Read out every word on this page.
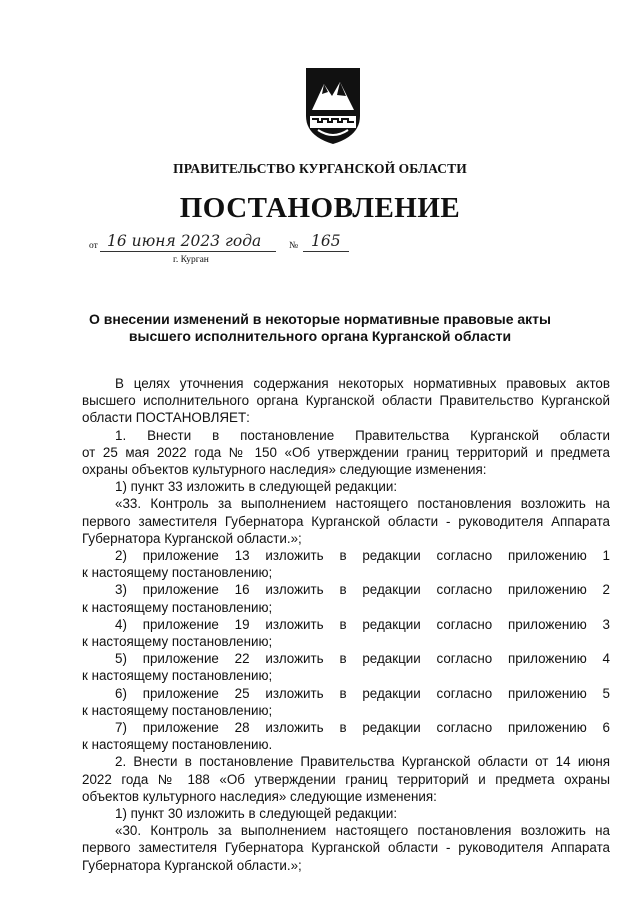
ПРАВИТЕЛЬСТВО КУРГАНСКОЙ ОБЛАСТИ
ПОСТАНОВЛЕНИЕ
от 16 июня 2023 года	№ 165
г. Курган
О внесении изменений в некоторые нормативные правовые акты
высшего исполнительного органа Курганской области
В целях уточнения содержания некоторых нормативных правовых актов
высшего исполнительного органа Курганской области Правительство Курганской
области ПОСТАНОВЛЯЕТ:
1. Внести в постановление Правительства Курганской области
от 25 мая 2022 года № 150 «Об утверждении границ территорий и предмета
охраны объектов культурного наследия» следующие изменения:
1) пункт 33 изложить в следующей редакции:
«33. Контроль за выполнением настоящего постановления возложить на
первого заместителя Губернатора Курганской области - руководителя Аппарата
Губернатора Курганской области.»;
2) приложение 13 изложить в редакции согласно приложению 1
к настоящему постановлению;
3) приложение 16 изложить в редакции согласно приложению 2
к настоящему постановлению;
4) приложение 19 изложить в редакции согласно приложению 3
к настоящему постановлению;
5) приложение 22 изложить в редакции согласно приложению 4
к настоящему постановлению;
6) приложение 25 изложить в редакции согласно приложению 5
к настоящему постановлению;
7) приложение 28 изложить в редакции согласно приложению 6
к настоящему постановлению.
2. Внести в постановление Правительства Курганской области от 14 июня
2022 года № 188 «Об утверждении границ территорий и предмета охраны
объектов культурного наследия» следующие изменения:
1) пункт 30 изложить в следующей редакции:
«30. Контроль за выполнением настоящего постановления возложить на
первого заместителя Губернатора Курганской области - руководителя Аппарата
Губернатора Курганской области.»;
